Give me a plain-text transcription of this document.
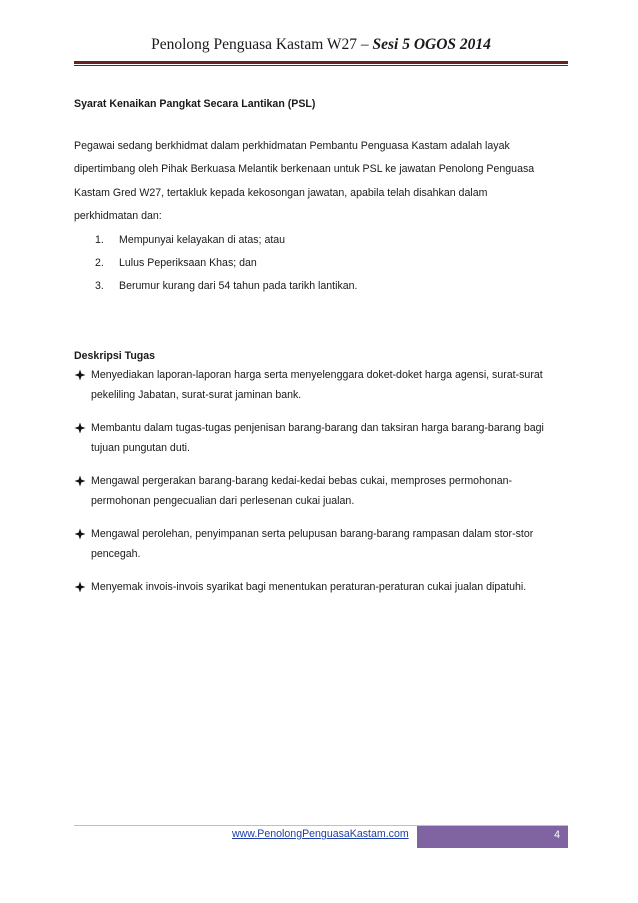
Penolong Penguasa Kastam W27 – Sesi 5 OGOS 2014
Syarat Kenaikan Pangkat Secara Lantikan (PSL)

Pegawai sedang berkhidmat dalam perkhidmatan Pembantu Penguasa Kastam adalah layak

dipertimbang oleh Pihak Berkuasa Melantik berkenaan untuk PSL ke jawatan Penolong Penguasa

Kastam Gred W27, tertakluk kepada kekosongan jawatan, apabila telah disahkan dalam

perkhidmatan dan:

1. Mempunyai kelayakan di atas; atau
2. Lulus Peperiksaan Khas; dan
3. Berumur kurang dari 54 tahun pada tarikh lantikan.
Deskripsi Tugas
Menyediakan laporan-laporan harga serta menyelenggara doket-doket harga agensi, surat-surat
pekeliling Jabatan, surat-surat jaminan bank.
Membantu dalam tugas-tugas penjenisan barang-barang dan taksiran harga barang-barang bagi
tujuan pungutan duti.
Mengawal pergerakan barang-barang kedai-kedai bebas cukai, memproses permohonan-
permohonan pengecualian dari perlesenan cukai jualan.
Mengawal perolehan, penyimpanan serta pelupusan barang-barang rampasan dalam stor-stor
pencegah.
Menyemak invois-invois syarikat bagi menentukan peraturan-peraturan cukai jualan dipatuhi.
www.PenolongPenguasaKastam.com	4
